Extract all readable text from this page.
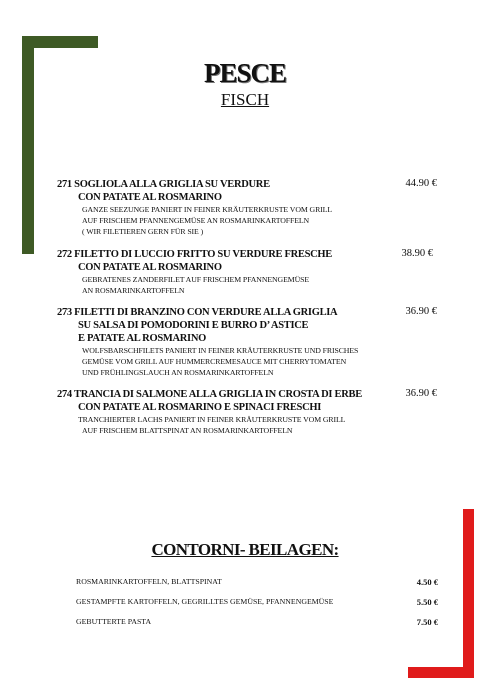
PESCE
FISCH
271 SOGLIOLA ALLA GRIGLIA SU VERDURE
CON PATATE AL ROSMARINO
44.90 €
GANZE SEEZUNGE PANIERT IN FEINER KRÄUTERKRUSTE VOM GRILL
AUF FRISCHEM PFANNENGEMÜSE AN ROSMARINKARTOFFELN
( WIR FILETIEREN GERN FÜR SIE )
272 FILETTO DI LUCCIO FRITTO SU VERDURE FRESCHE
CON PATATE AL ROSMARINO
38.90 €
GEBRATENES ZANDERFILET AUF FRISCHEM PFANNENGEMÜSE
AN ROSMARINKARTOFFELN
273 FILETTI DI BRANZINO CON VERDURE ALLA GRIGLIA
SU SALSA DI POMODORINI E BURRO D’ ASTICE
E PATATE AL ROSMARINO
36.90 €
WOLFSBARSCHFILETS PANIERT IN FEINER KRÄUTERKRUSTE UND FRISCHES
GEMÜSE VOM GRILL AUF HUMMERCREMESAUCE MIT CHERRYTOMATEN
UND FRÜHLINGSLAUCH AN ROSMARINKARTOFFELN
274 TRANCIA DI SALMONE ALLA GRIGLIA IN CROSTA DI ERBE
CON PATATE AL ROSMARINO E SPINACI FRESCHI
36.90 €
TRANCHIERTER LACHS PANIERT IN FEINER KRÄUTERKRUSTE VOM GRILL
AUF FRISCHEM BLATTSPINAT AN ROSMARINKARTOFFELN
CONTORNI- BEILAGEN:
ROSMARINKARTOFFELN, BLATTSPINAT	4.50 €
GESTAMPFTE KARTOFFELN, GEGRILLTES GEMÜSE, PFANNENGEMÜSE	5.50 €
GEBUTTERTE PASTA	7.50 €
